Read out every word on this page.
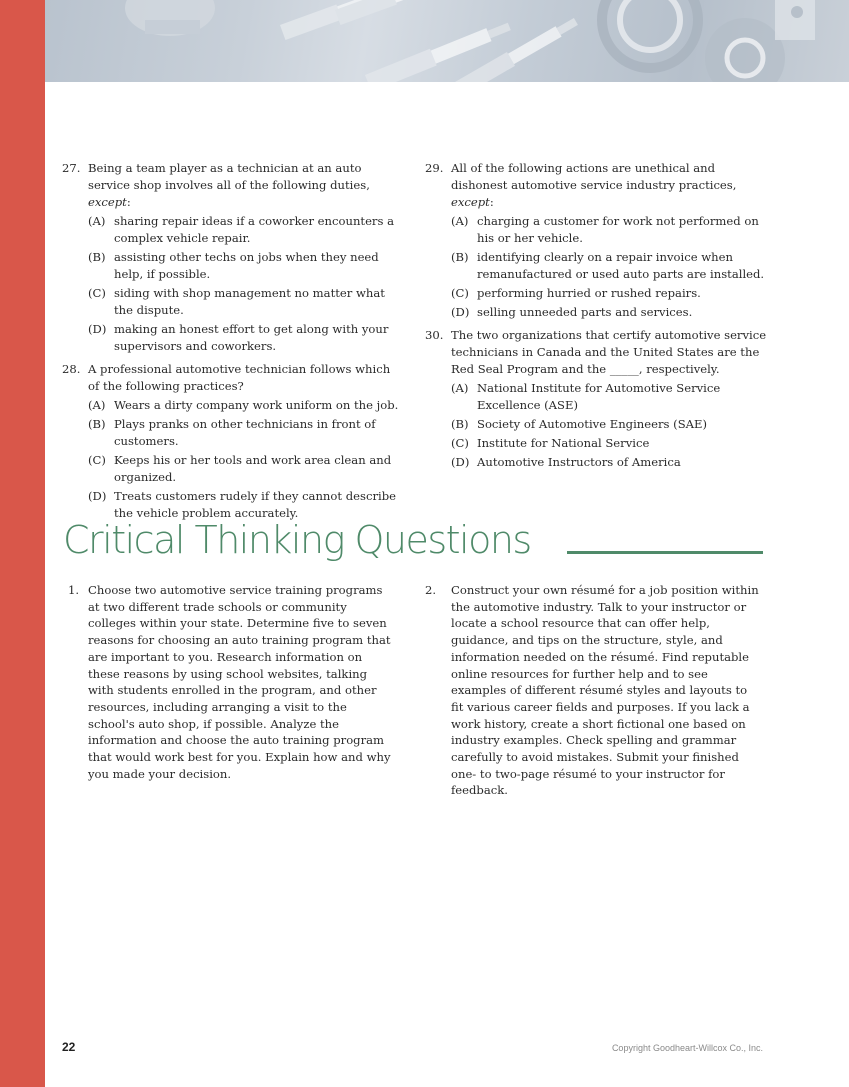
27. Being a team player as a technician at an auto service shop involves all of the following duties, except:
(A) sharing repair ideas if a coworker encounters a complex vehicle repair.
(B) assisting other techs on jobs when they need help, if possible.
(C) siding with shop management no matter what the dispute.
(D) making an honest effort to get along with your supervisors and coworkers.
28. A professional automotive technician follows which of the following practices?
(A) Wears a dirty company work uniform on the job.
(B) Plays pranks on other technicians in front of customers.
(C) Keeps his or her tools and work area clean and organized.
(D) Treats customers rudely if they cannot describe the vehicle problem accurately.
29. All of the following actions are unethical and dishonest automotive service industry practices, except:
(A) charging a customer for work not performed on his or her vehicle.
(B) identifying clearly on a repair invoice when remanufactured or used auto parts are installed.
(C) performing hurried or rushed repairs.
(D) selling unneeded parts and services.
30. The two organizations that certify automotive service technicians in Canada and the United States are the Red Seal Program and the _____, respectively.
(A) National Institute for Automotive Service Excellence (ASE)
(B) Society of Automotive Engineers (SAE)
(C) Institute for National Service
(D) Automotive Instructors of America
Critical Thinking Questions
1. Choose two automotive service training programs at two different trade schools or community colleges within your state. Determine five to seven reasons for choosing an auto training program that are important to you. Research information on these reasons by using school websites, talking with students enrolled in the program, and other resources, including arranging a visit to the school's auto shop, if possible. Analyze the information and choose the auto training program that would work best for you. Explain how and why you made your decision.
2. Construct your own résumé for a job position within the automotive industry. Talk to your instructor or locate a school resource that can offer help, guidance, and tips on the structure, style, and information needed on the résumé. Find reputable online resources for further help and to see examples of different résumé styles and layouts to fit various career fields and purposes. If you lack a work history, create a short fictional one based on industry examples. Check spelling and grammar carefully to avoid mistakes. Submit your finished one- to two-page résumé to your instructor for feedback.
22	Copyright Goodheart-Willcox Co., Inc.
